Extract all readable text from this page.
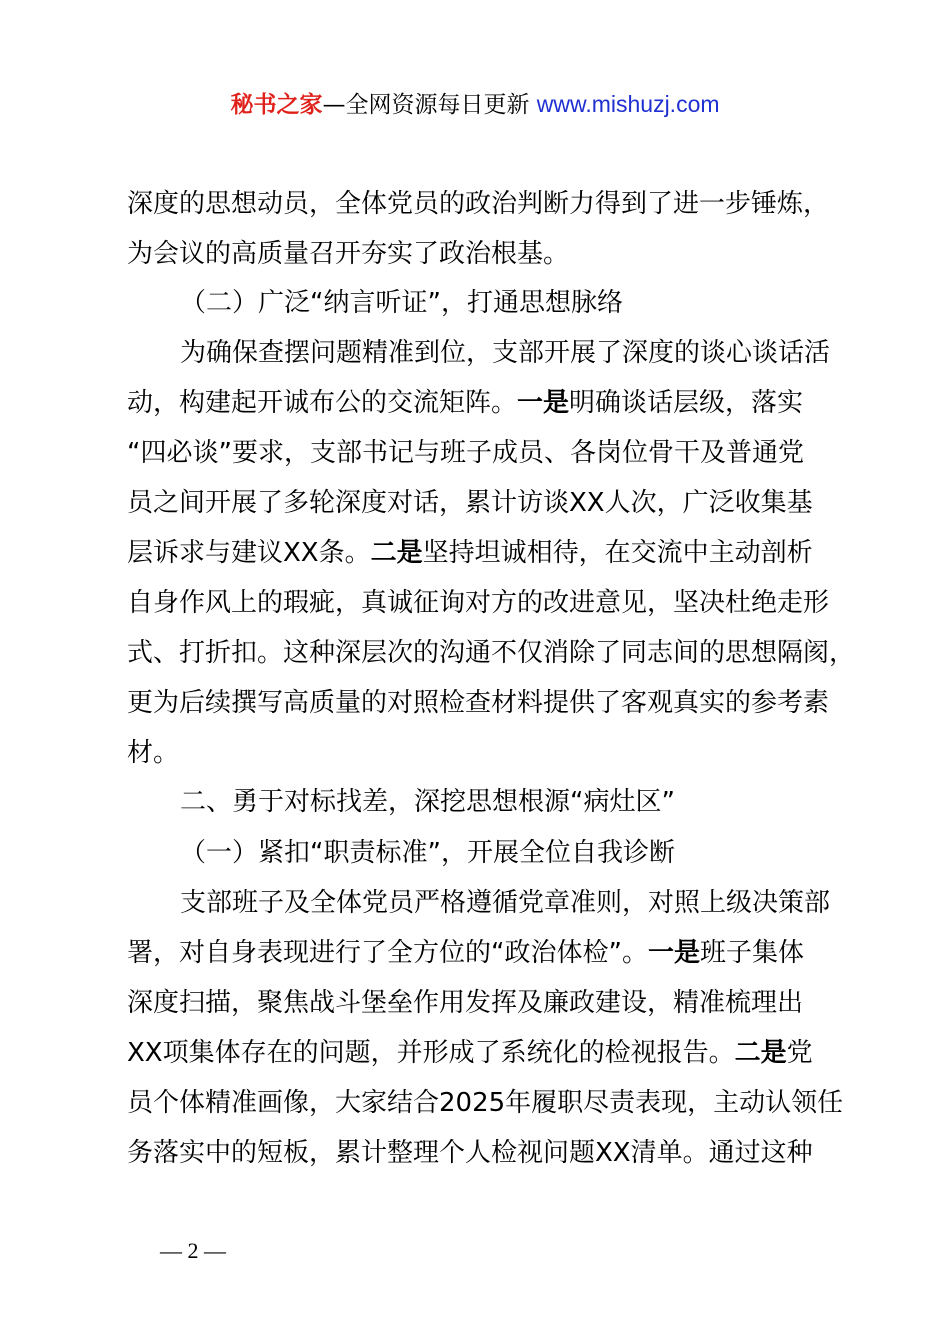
秘书之家—全网资源每日更新 www.mishuzj.com
深度的思想动员，全体党员的政治判断力得到了进一步锤炼，
为会议的高质量召开夯实了政治根基。
（二）广泛“纳言听证”，打通思想脉络
为确保查摆问题精准到位，支部开展了深度的谈心谈话活
动，构建起开诚布公的交流矩阵。一是明确谈话层级，落实
“四必谈”要求，支部书记与班子成员、各岗位骨干及普通党
员之间开展了多轮深度对话，累计访谈XX人次，广泛收集基
层诉求与建议XX条。二是坚持坦诚相待，在交流中主动剖析
自身作风上的瑕疵，真诚征询对方的改进意见，坚决杜绝走形
式、打折扣。这种深层次的沟通不仅消除了同志间的思想隔阂，
更为后续撰写高质量的对照检查材料提供了客观真实的参考素
材。
二、勇于对标找差，深挖思想根源“病灶区”
（一）紧扣“职责标准”，开展全位自我诊断
支部班子及全体党员严格遵循党章准则，对照上级决策部
署，对自身表现进行了全方位的“政治体检”。一是班子集体
深度扫描，聚焦战斗堡垒作用发挥及廉政建设，精准梳理出
XX项集体存在的问题，并形成了系统化的检视报告。二是党
员个体精准画像，大家结合2025年履职尽责表现，主动认领任
务落实中的短板，累计整理个人检视问题XX清单。通过这种
— 2 —
